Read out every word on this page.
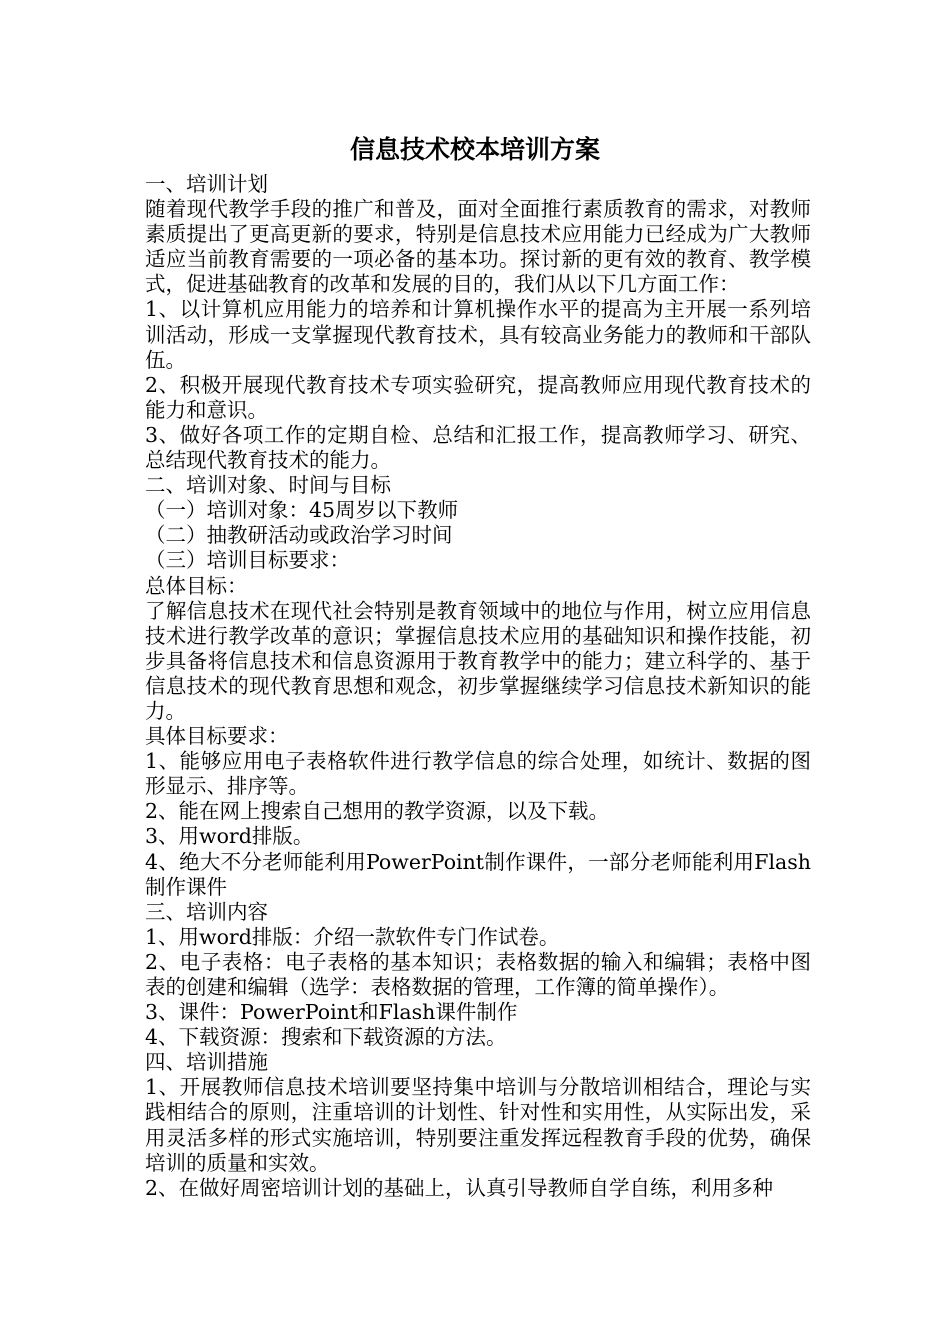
信息技术校本培训方案

一、培训计划

随着现代教学手段的推广和普及，面对全面推行素质教育的需求，对教师素质提出了更高更新的要求，特别是信息技术应用能力已经成为广大教师适应当前教育需要的一项必备的基本功。探讨新的更有效的教育、教学模式，促进基础教育的改革和发展的目的，我们从以下几方面工作：

1、以计算机应用能力的培养和计算机操作水平的提高为主开展一系列培训活动，形成一支掌握现代教育技术，具有较高业务能力的教师和干部队伍。

2、积极开展现代教育技术专项实验研究，提高教师应用现代教育技术的能力和意识。

3、做好各项工作的定期自检、总结和汇报工作，提高教师学习、研究、总结现代教育技术的能力。

二、培训对象、时间与目标

（一）培训对象：45周岁以下教师

（二）抽教研活动或政治学习时间

（三）培训目标要求：

总体目标：

了解信息技术在现代社会特别是教育领域中的地位与作用，树立应用信息技术进行教学改革的意识；掌握信息技术应用的基础知识和操作技能，初步具备将信息技术和信息资源用于教育教学中的能力；建立科学的、基于信息技术的现代教育思想和观念，初步掌握继续学习信息技术新知识的能力。

具体目标要求：

1、能够应用电子表格软件进行教学信息的综合处理，如统计、数据的图形显示、排序等。

2、能在网上搜索自己想用的教学资源，以及下载。

3、用word排版。

4、绝大不分老师能利用PowerPoint制作课件，一部分老师能利用Flash制作课件

三、培训内容

1、用word排版：介绍一款软件专门作试卷。

2、电子表格：电子表格的基本知识；表格数据的输入和编辑；表格中图表的创建和编辑（选学：表格数据的管理，工作簿的简单操作）。

3、课件：PowerPoint和Flash课件制作

4、下载资源：搜索和下载资源的方法。

四、培训措施

1、开展教师信息技术培训要坚持集中培训与分散培训相结合，理论与实践相结合的原则，注重培训的计划性、针对性和实用性，从实际出发，采用灵活多样的形式实施培训，特别要注重发挥远程教育手段的优势，确保培训的质量和实效。

2、在做好周密培训计划的基础上，认真引导教师自学自练，利用多种
